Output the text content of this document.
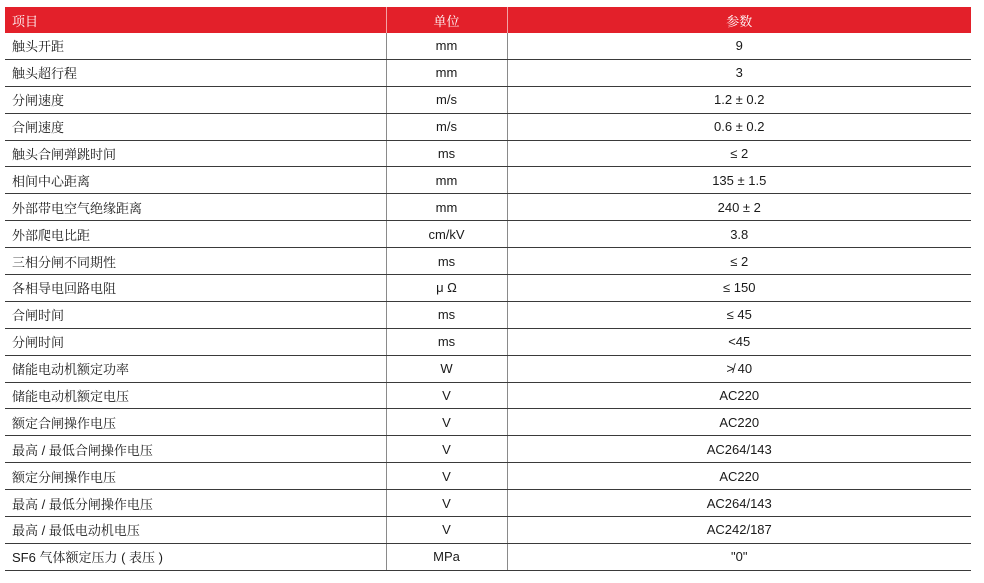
项目	单位	参数
触头开距	mm	9
触头超行程	mm	3
分闸速度	m/s	1.2 ± 0.2
合闸速度	m/s	0.6 ± 0.2
触头合闸弹跳时间	ms	≤ 2
相间中心距离	mm	135 ± 1.5
外部带电空气绝缘距离	mm	240 ± 2
外部爬电比距	cm/kV	3.8
三相分闸不同期性	ms	≤ 2
各相导电回路电阻	μ Ω	≤ 150
合闸时间	ms	≤ 45
分闸时间	ms	<45
储能电动机额定功率	W	≯ 40
储能电动机额定电压	V	AC220
额定合闸操作电压	V	AC220
最高 / 最低合闸操作电压	V	AC264/143
额定分闸操作电压	V	AC220
最高 / 最低分闸操作电压	V	AC264/143
最高 / 最低电动机电压	V	AC242/187
SF6 气体额定压力 ( 表压 )	MPa	"0"
